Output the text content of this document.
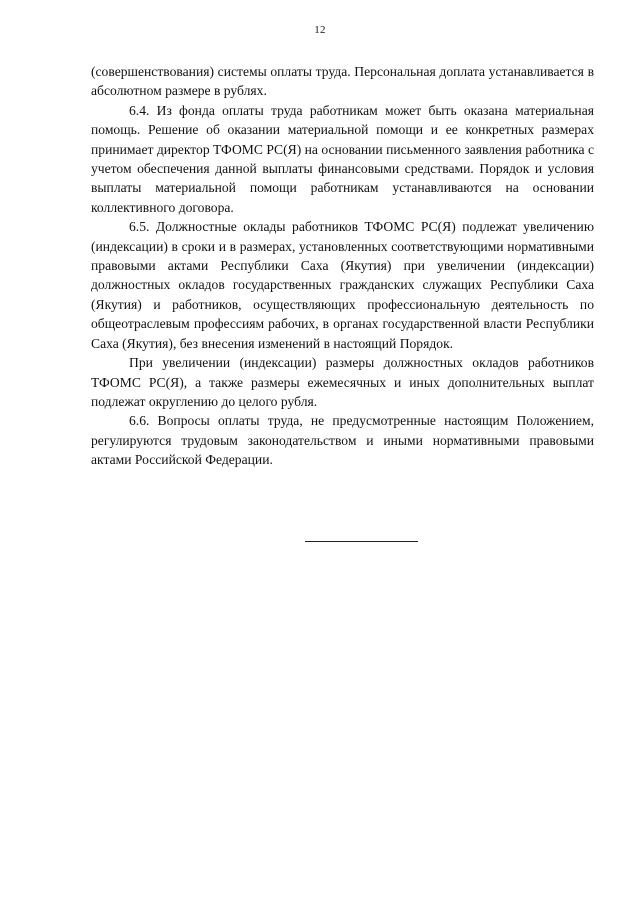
12

(совершенствования) системы оплаты труда. Персональная доплата устанавливается в абсолютном размере в рублях.

6.4. Из фонда оплаты труда работникам может быть оказана материальная помощь. Решение об оказании материальной помощи и ее конкретных размерах принимает директор ТФОМС РС(Я) на основании письменного заявления работника с учетом обеспечения данной выплаты финансовыми средствами. Порядок и условия выплаты материальной помощи работникам устанавливаются на основании коллективного договора.

6.5. Должностные оклады работников ТФОМС РС(Я) подлежат увеличению (индексации) в сроки и в размерах, установленных соответствующими нормативными правовыми актами Республики Саха (Якутия) при увеличении (индексации) должностных окладов государственных гражданских служащих Республики Саха (Якутия) и работников, осуществляющих профессиональную деятельность по общеотраслевым профессиям рабочих, в органах государственной власти Республики Саха (Якутия), без внесения изменений в настоящий Порядок.

При увеличении (индексации) размеры должностных окладов работников ТФОМС РС(Я), а также размеры ежемесячных и иных дополнительных выплат подлежат округлению до целого рубля.

6.6. Вопросы оплаты труда, не предусмотренные настоящим Положением, регулируются трудовым законодательством и иными нормативными правовыми актами Российской Федерации.
